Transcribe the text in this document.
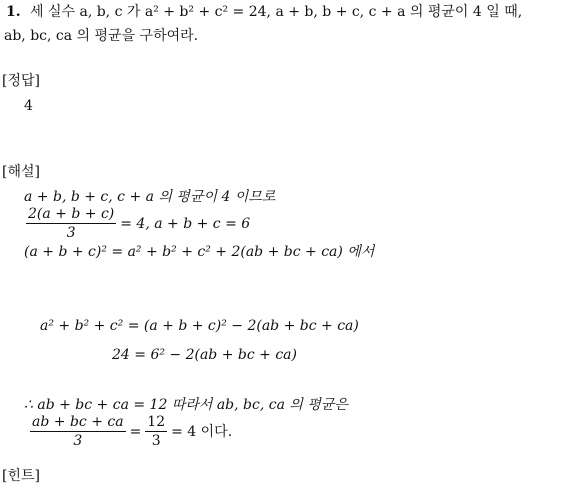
1. 세 실수 a, b, c 가 a² + b² + c² = 24, a + b, b + c, c + a 의 평균이 4 일 때,
ab, bc, ca 의 평균을 구하여라.
[정답]
4
[해설]
a + b, b + c, c + a 의 평균이 4 이므로
$\frac{2(a + b + c)}{3} = 4$, a + b + c = 6
(a + b + c)² = a² + b² + c² + 2(ab + bc + ca) 에서
a² + b² + c² = (a + b + c)² − 2(ab + bc + ca)
24 = 6² − 2(ab + bc + ca)
∴ ab + bc + ca = 12 따라서 ab, bc, ca 의 평균은
$\frac{ab + bc + ca}{3} = \frac{12}{3} = 4$ 이다.
[힌트]
